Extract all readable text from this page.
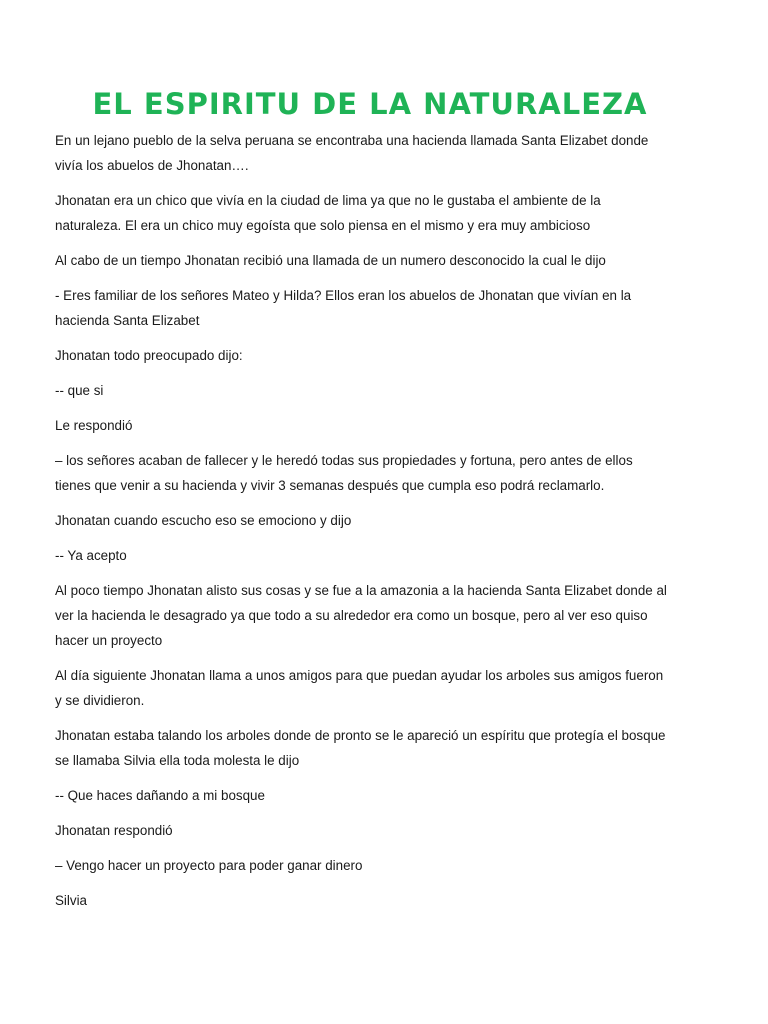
EL ESPIRITU DE LA NATURALEZA

En un lejano pueblo de la selva peruana se encontraba una hacienda llamada Santa Elizabet donde vivía los abuelos de Jhonatan….

Jhonatan era un chico que vivía en la ciudad de lima ya que no le gustaba el ambiente de la naturaleza. El era un chico muy egoísta que solo piensa en el mismo y era muy ambicioso

Al cabo de un tiempo Jhonatan recibió una llamada de un numero desconocido la cual le dijo

- Eres familiar de los señores Mateo y Hilda? Ellos eran los abuelos de Jhonatan que vivían en la hacienda Santa Elizabet

Jhonatan todo preocupado dijo:

-- que si

Le respondió

– los señores acaban de fallecer y le heredó todas sus propiedades y fortuna, pero antes de ellos tienes que venir a su hacienda y vivir 3 semanas después que cumpla eso podrá reclamarlo.

Jhonatan cuando escucho eso se emociono y dijo

-- Ya acepto

Al poco tiempo Jhonatan alisto sus cosas y se fue a la amazonia a la hacienda Santa Elizabet donde al ver la hacienda le desagrado ya que todo a su alrededor era como un bosque, pero al ver eso quiso hacer un proyecto

Al día siguiente Jhonatan llama a unos amigos para que puedan ayudar los arboles sus amigos fueron y se dividieron.

Jhonatan estaba talando los arboles donde de pronto se le apareció un espíritu que protegía el bosque se llamaba Silvia ella toda molesta le dijo

-- Que haces dañando a mi bosque

Jhonatan respondió

– Vengo hacer un proyecto para poder ganar dinero

Silvia
